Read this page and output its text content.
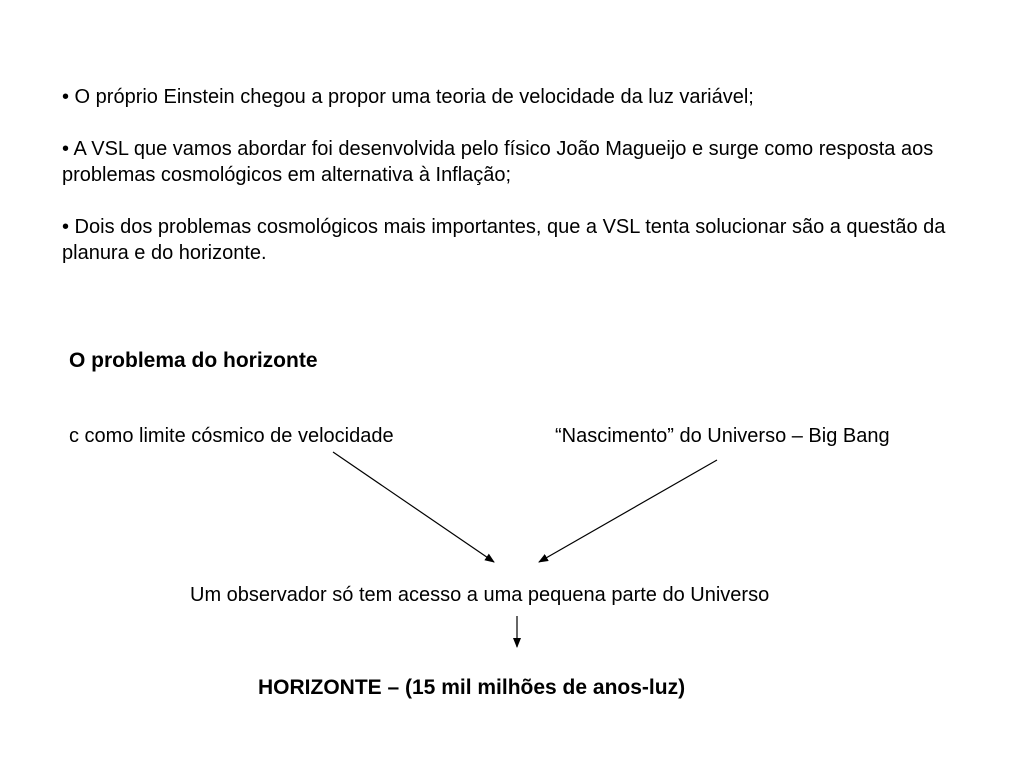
• O próprio Einstein chegou a propor uma teoria de velocidade da luz variável;

• A VSL que vamos abordar foi desenvolvida pelo físico João Magueijo e surge como resposta aos problemas cosmológicos em alternativa à Inflação;

• Dois dos problemas cosmológicos mais importantes, que a VSL tenta solucionar são a questão da planura e do horizonte.

O problema do horizonte
c como limite cósmico de velocidade	“Nascimento” do Universo – Big Bang
Um observador só tem acesso a uma pequena parte do Universo
HORIZONTE – (15 mil milhões de anos-luz)
